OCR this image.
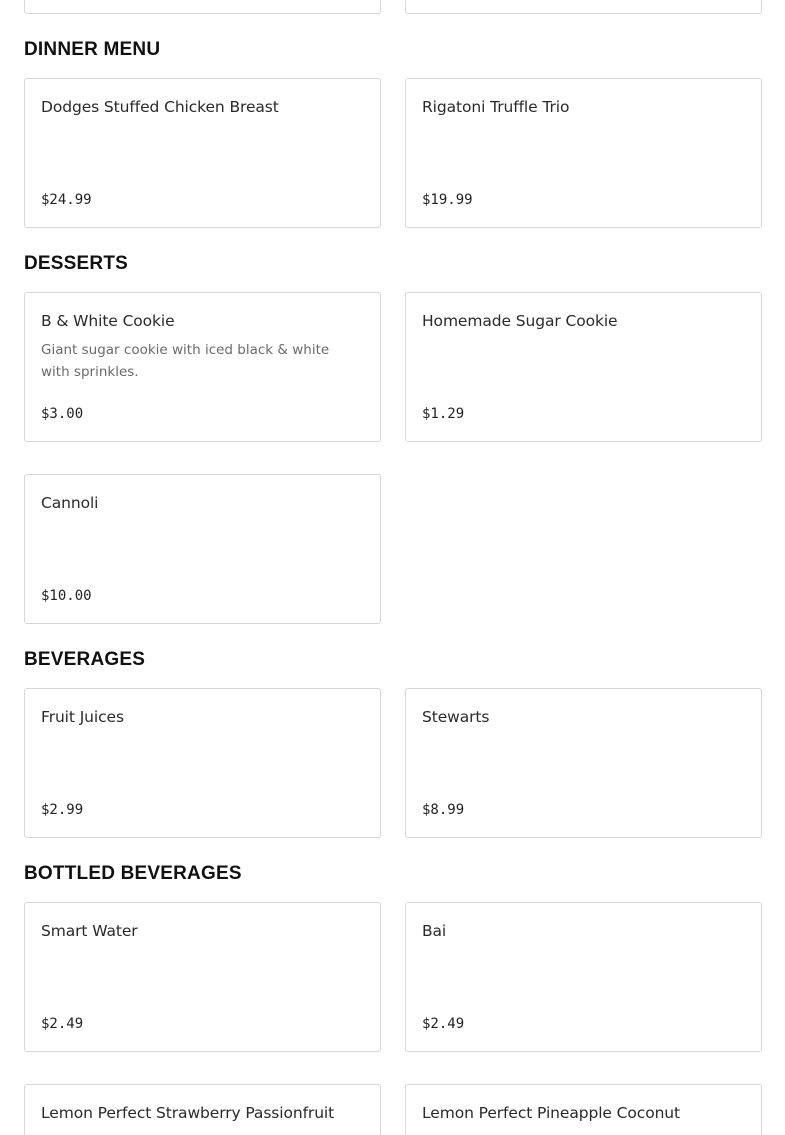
DINNER MENU
Dodges Stuffed Chicken Breast
$24.99
Rigatoni Truffle Trio
$19.99
DESSERTS
B & White Cookie
Giant sugar cookie with iced black & white with sprinkles.
$3.00
Homemade Sugar Cookie
$1.29
Cannoli
$10.00
BEVERAGES
Fruit Juices
$2.99
Stewarts
$8.99
BOTTLED BEVERAGES
Smart Water
$2.49
Bai
$2.49
Lemon Perfect Strawberry Passionfruit	Lemon Perfect Pineapple Coconut
